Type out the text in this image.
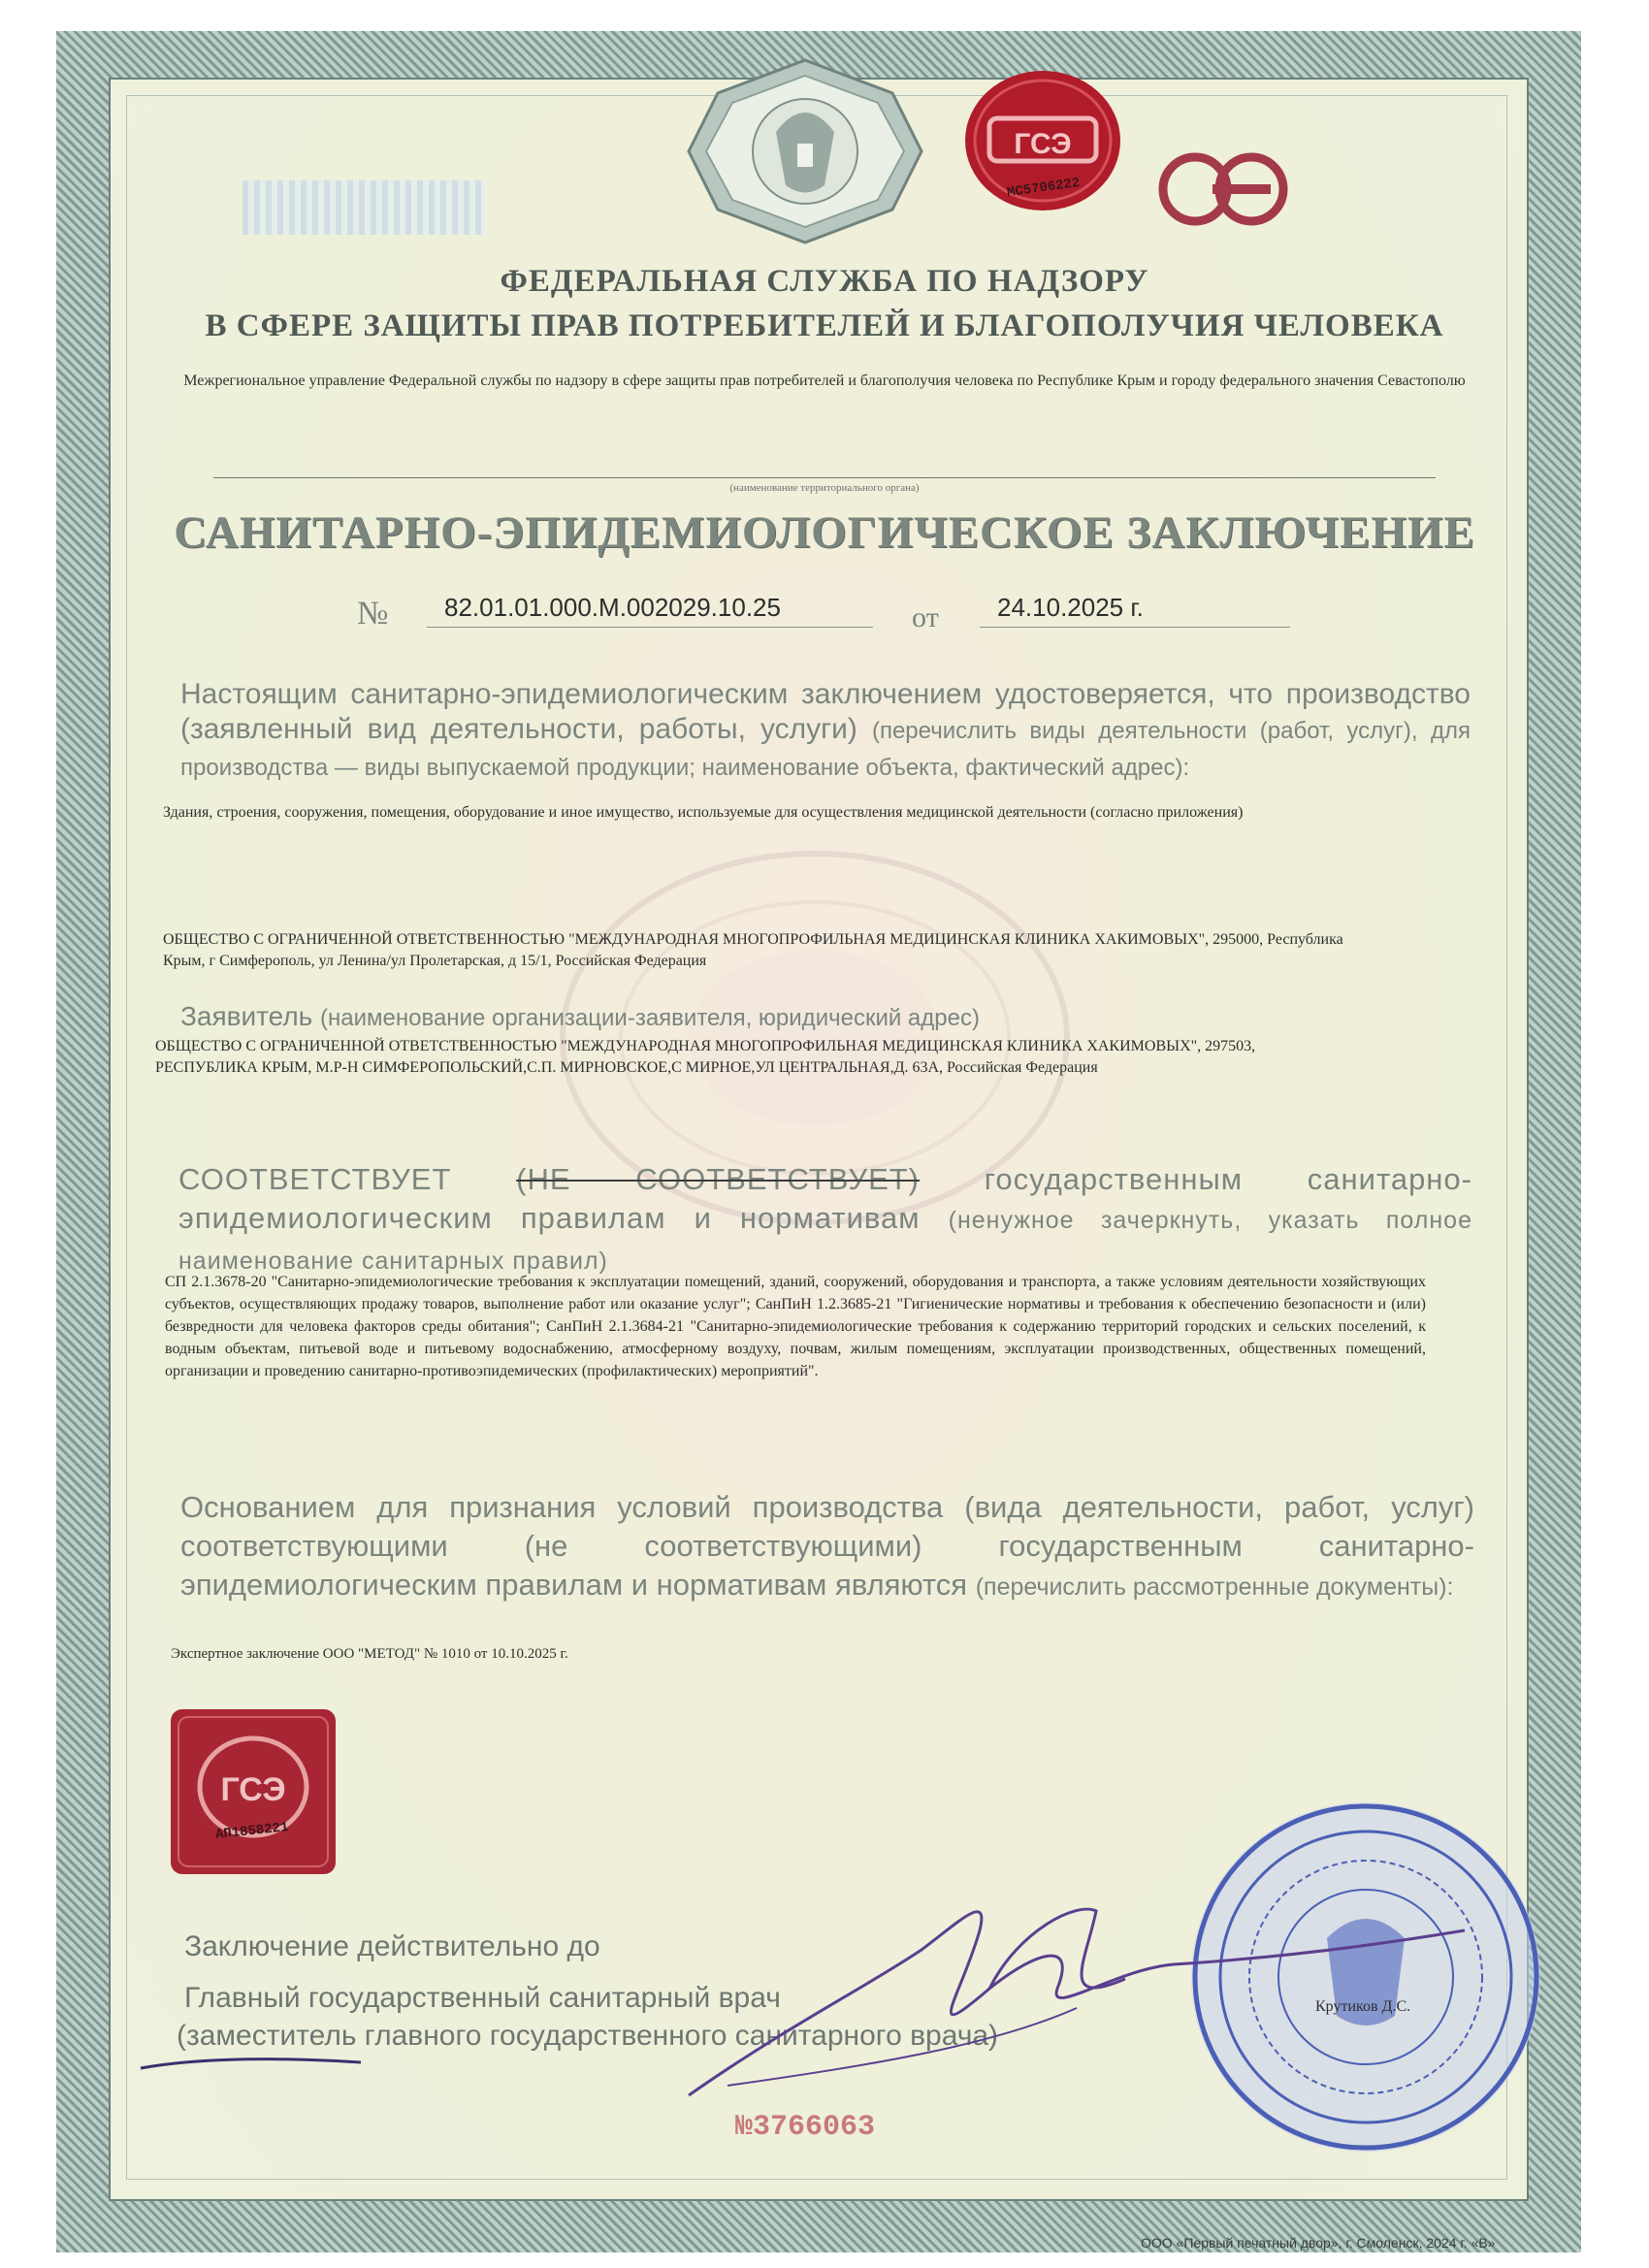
ГСЭ
МС5706222
ФЕДЕРАЛЬНАЯ СЛУЖБА ПО НАДЗОРУ
В СФЕРЕ ЗАЩИТЫ ПРАВ ПОТРЕБИТЕЛЕЙ И БЛАГОПОЛУЧИЯ ЧЕЛОВЕКА
Межрегиональное управление Федеральной службы по надзору в сфере защиты прав потребителей и благополучия человека по Республике Крым и городу федерального значения Севастополю
(наименование территориального органа)
САНИТАРНО-ЭПИДЕМИОЛОГИЧЕСКОЕ ЗАКЛЮЧЕНИЕ
№ 82.01.01.000.М.002029.10.25	от 24.10.2025 г.
Настоящим санитарно-эпидемиологическим заключением удостоверяется, что производство (заявленный вид деятельности, работы, услуги) (перечислить виды деятельности (работ, услуг), для производства — виды выпускаемой продукции; наименование объекта, фактический адрес):
Здания, строения, сооружения, помещения, оборудование и иное имущество, используемые для осуществления медицинской деятельности (согласно приложения)
ОБЩЕСТВО С ОГРАНИЧЕННОЙ ОТВЕТСТВЕННОСТЬЮ "МЕЖДУНАРОДНАЯ МНОГОПРОФИЛЬНАЯ МЕДИЦИНСКАЯ КЛИНИКА ХАКИМОВЫХ", 295000, Республика Крым, г Симферополь, ул Ленина/ул Пролетарская, д 15/1, Российская Федерация
Заявитель (наименование организации-заявителя, юридический адрес)
ОБЩЕСТВО С ОГРАНИЧЕННОЙ ОТВЕТСТВЕННОСТЬЮ "МЕЖДУНАРОДНАЯ МНОГОПРОФИЛЬНАЯ МЕДИЦИНСКАЯ КЛИНИКА ХАКИМОВЫХ", 297503, РЕСПУБЛИКА КРЫМ, М.Р-Н СИМФЕРОПОЛЬСКИЙ,С.П. МИРНОВСКОЕ,С МИРНОЕ,УЛ ЦЕНТРАЛЬНАЯ,Д. 63А, Российская Федерация
СООТВЕТСТВУЕТ (НЕ СООТВЕТСТВУЕТ) государственным санитарно-эпидемиологическим правилам и нормативам (ненужное зачеркнуть, указать полное наименование санитарных правил)
СП 2.1.3678-20 "Санитарно-эпидемиологические требования к эксплуатации помещений, зданий, сооружений, оборудования и транспорта, а также условиям деятельности хозяйствующих субъектов, осуществляющих продажу товаров, выполнение работ или оказание услуг"; СанПиН 1.2.3685-21 "Гигиенические нормативы и требования к обеспечению безопасности и (или) безвредности для человека факторов среды обитания"; СанПиН 2.1.3684-21 "Санитарно-эпидемиологические требования к содержанию территорий городских и сельских поселений, к водным объектам, питьевой воде и питьевому водоснабжению, атмосферному воздуху, почвам, жилым помещениям, эксплуатации производственных, общественных помещений, организации и проведению санитарно-противоэпидемических (профилактических) мероприятий".
Основанием для признания условий производства (вида деятельности, работ, услуг) соответствующими (не соответствующими) государственным санитарно-эпидемиологическим правилам и нормативам являются (перечислить рассмотренные документы):
Экспертное заключение ООО "МЕТОД" № 1010 от 10.10.2025 г.
ГСЭ
АП1858221
Заключение действительно до
Главный государственный санитарный врач
(заместитель главного государственного санитарного врача)
Крутиков Д.С.
№3766063
ООО «Первый печатный двор», г. Смоленск, 2024 г. «В»
